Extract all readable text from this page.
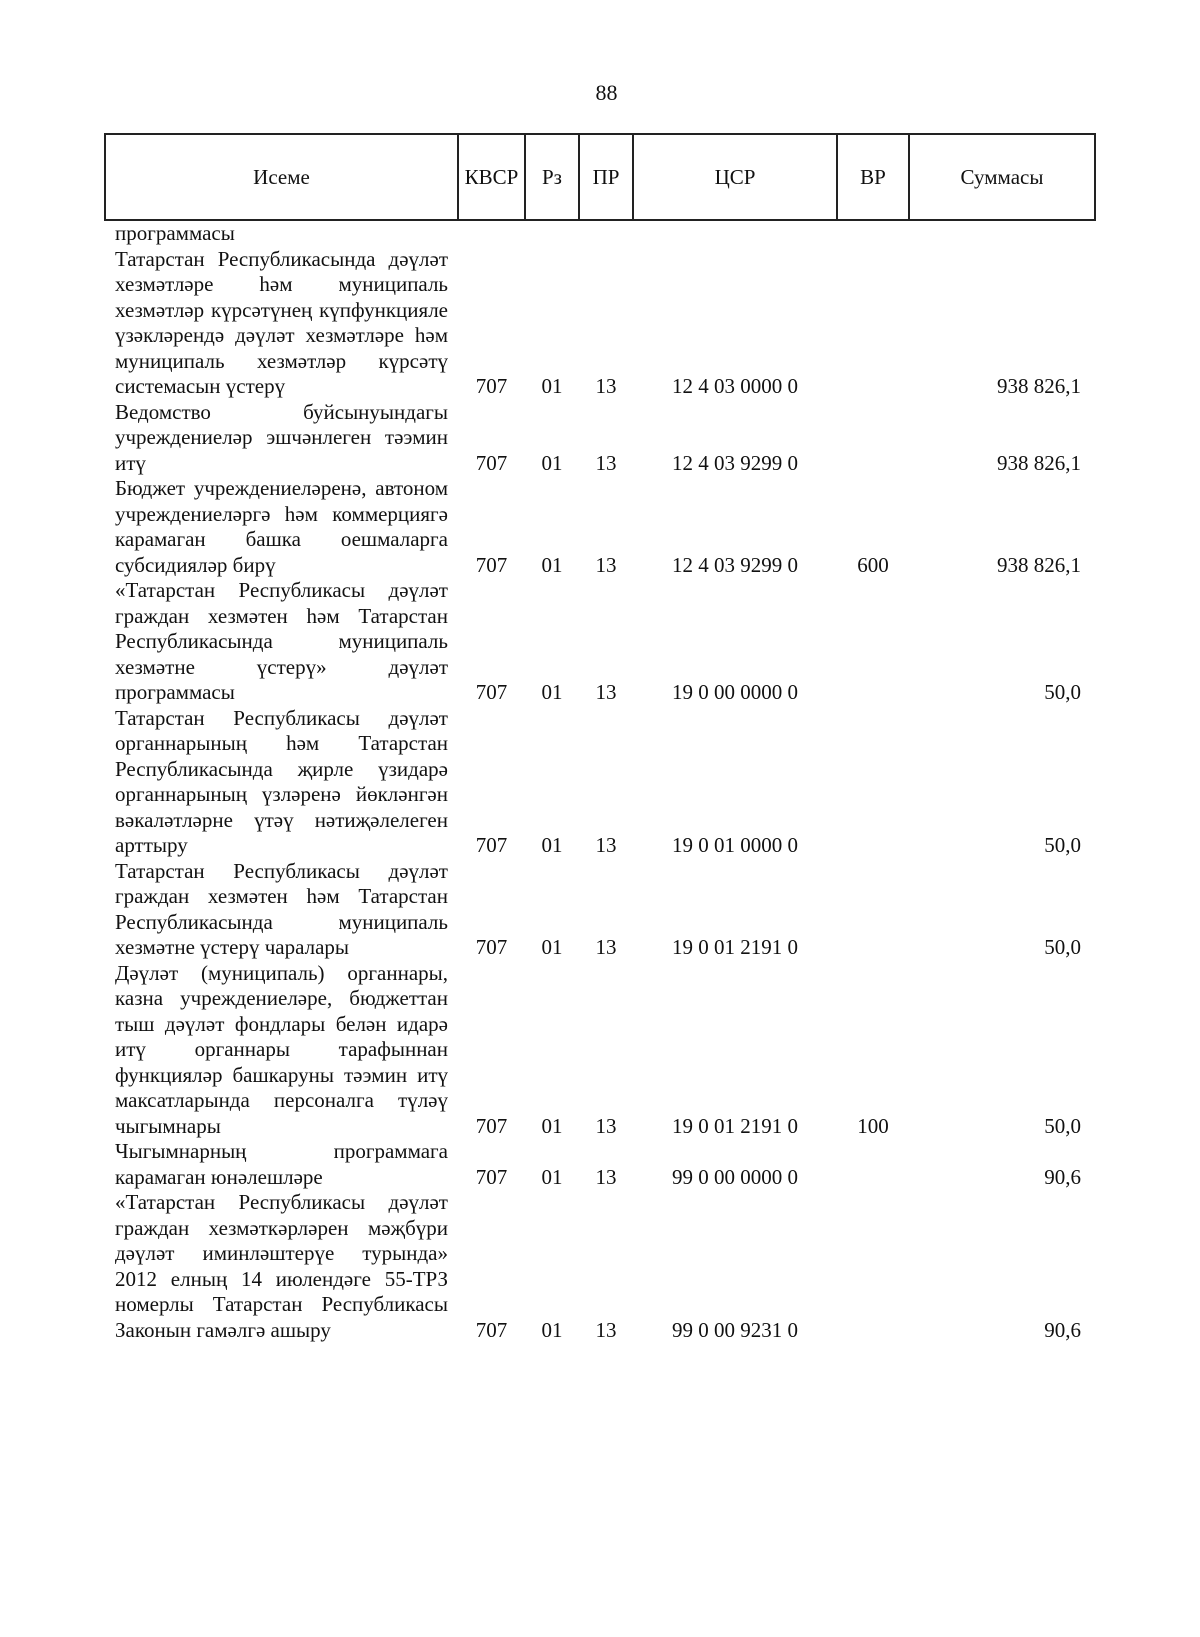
88
Исеме	КВСР	Рз	ПР	ЦСР	ВР	Суммасы
программасы						
Татарстан Республикасында дәүләт хезмәтләре һәм муниципаль хезмәтләр күрсәтүнең күпфункцияле үзәкләрендә дәүләт хезмәтләре һәм муниципаль хезмәтләр күрсәтү системасын үстерү	707	01	13	12 4 03 0000 0		938 826,1
Ведомство буйсынуындагы учреждениеләр эшчәнлеген тәэмин итү	707	01	13	12 4 03 9299 0		938 826,1
Бюджет учреждениеләренә, автоном учреждениеләргә һәм коммерциягә карамаган башка оешмаларга субсидияләр бирү	707	01	13	12 4 03 9299 0	600	938 826,1
«Татарстан Республикасы дәүләт граждан хезмәтен һәм Татарстан Республикасында муниципаль хезмәтне үстерү» дәүләт программасы	707	01	13	19 0 00 0000 0		50,0
Татарстан Республикасы дәүләт органнарының һәм Татарстан Республикасында җирле үзидарә органнарының үзләренә йөкләнгән вәкаләтләрне үтәү нәтиҗәлелеген арттыру	707	01	13	19 0 01 0000 0		50,0
Татарстан Республикасы дәүләт граждан хезмәтен һәм Татарстан Республикасында муниципаль хезмәтне үстерү чаралары	707	01	13	19 0 01 2191 0		50,0
Дәүләт (муниципаль) органнары, казна учреждениеләре, бюджеттан тыш дәүләт фондлары белән идарә итү органнары тарафыннан функцияләр башкаруны тәэмин итү максатларында персоналга түләү чыгымнары	707	01	13	19 0 01 2191 0	100	50,0
Чыгымнарның программага карамаган юнәлешләре	707	01	13	99 0 00 0000 0		90,6
«Татарстан Республикасы дәүләт граждан хезмәткәрләрен мәҗбүри дәүләт иминләштерүе турында» 2012 елның 14 июлендәге 55-ТРЗ номерлы Татарстан Республикасы Законын гамәлгә ашыру	707	01	13	99 0 00 9231 0		90,6
